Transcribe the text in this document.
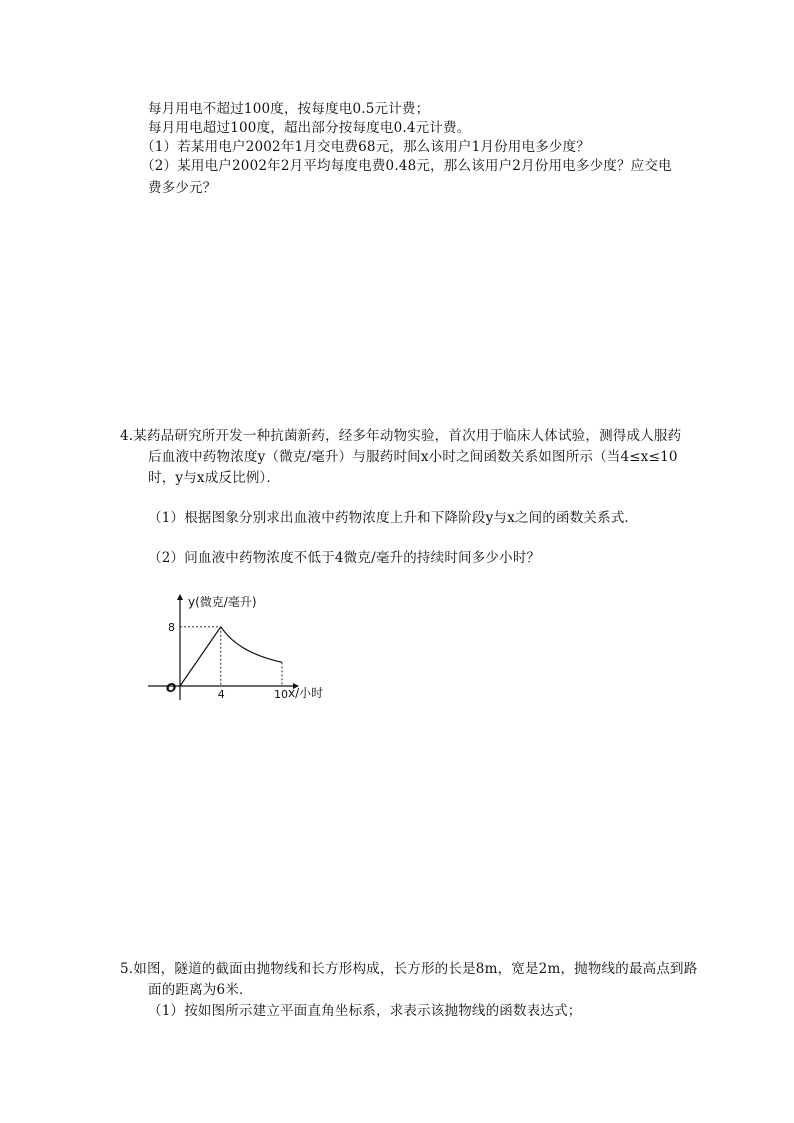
每月用电不超过100度，按每度电0.5元计费；
每月用电超过100度，超出部分按每度电0.4元计费。
（1）若某用电户2002年1月交电费68元，那么该用户1月份用电多少度？
（2）某用电户2002年2月平均每度电费0.48元，那么该用户2月份用电多少度？应交电
费多少元？
4.某药品研究所开发一种抗菌新药，经多年动物实验，首次用于临床人体试验，测得成人服药
后血液中药物浓度y（微克/毫升）与服药时间x小时之间函数关系如图所示（当4≤x≤10
时，y与x成反比例）．
（1）根据图象分别求出血液中药物浓度上升和下降阶段y与x之间的函数关系式．
（2）问血液中药物浓度不低于4微克/毫升的持续时间多少小时？
y(微克/毫升)
x/小时
O
8
4	10
5.如图，隧道的截面由抛物线和长方形构成，长方形的长是8m，宽是2m，抛物线的最高点到路
面的距离为6米．
（1）按如图所示建立平面直角坐标系，求表示该抛物线的函数表达式；
